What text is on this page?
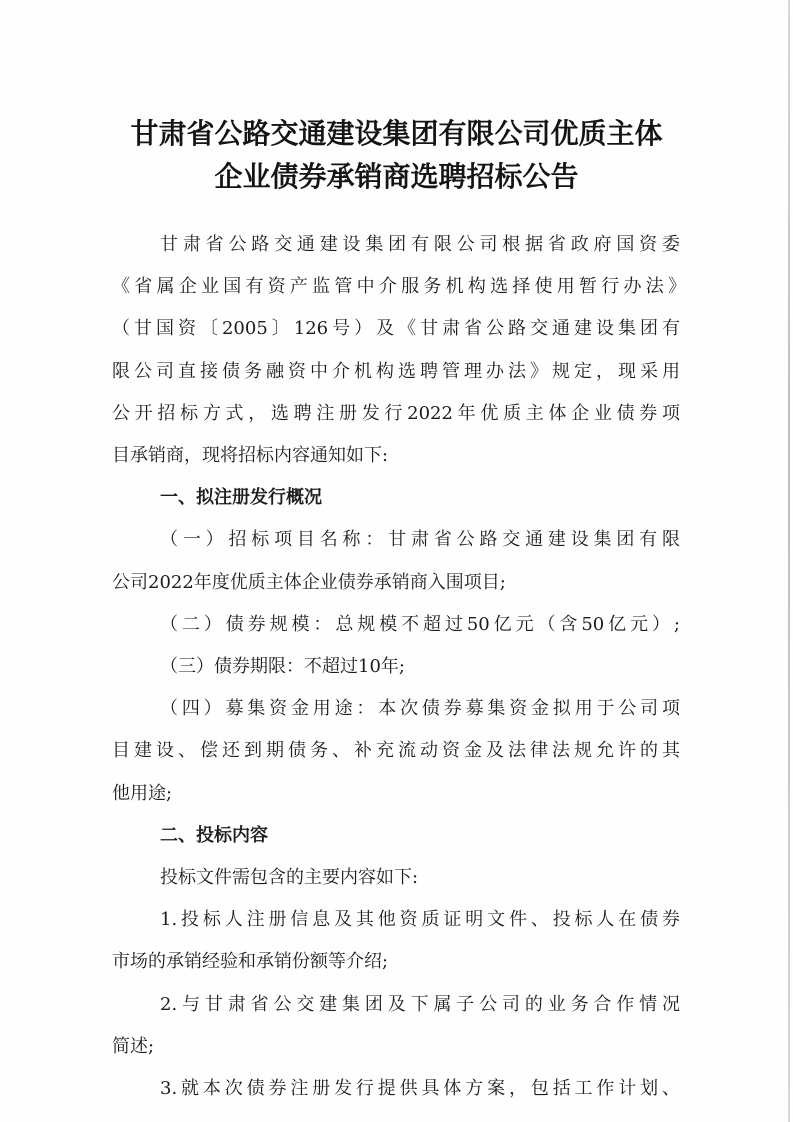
甘肃省公路交通建设集团有限公司优质主体
企业债券承销商选聘招标公告
甘肃省公路交通建设集团有限公司根据省政府国资委
《省属企业国有资产监管中介服务机构选择使用暂行办法》
（甘国资〔2005〕126号）及《甘肃省公路交通建设集团有
限公司直接债务融资中介机构选聘管理办法》规定，现采用
公开招标方式，选聘注册发行2022年优质主体企业债券项
目承销商，现将招标内容通知如下:
一、拟注册发行概况
（一）招标项目名称：甘肃省公路交通建设集团有限
公司2022年度优质主体企业债券承销商入围项目;
（二）债券规模：总规模不超过50亿元（含50亿元）;
（三）债券期限：不超过10年;
（四）募集资金用途：本次债券募集资金拟用于公司项
目建设、偿还到期债务、补充流动资金及法律法规允许的其
他用途;
二、投标内容
投标文件需包含的主要内容如下:
1.投标人注册信息及其他资质证明文件、投标人在债券
市场的承销经验和承销份额等介绍;
2.与甘肃省公交建集团及下属子公司的业务合作情况
简述;
3.就本次债券注册发行提供具体方案，包括工作计划、
